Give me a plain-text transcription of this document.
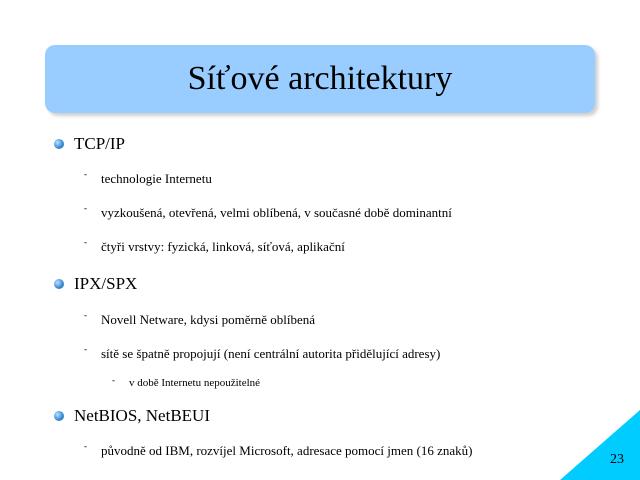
Síťové architektury
TCP/IP
- technologie Internetu
- vyzkoušená, otevřená, velmi oblíbená, v současné době dominantní
- čtyři vrstvy: fyzická, linková, síťová, aplikační
IPX/SPX
- Novell Netware, kdysi poměrně oblíbená
- sítě se špatně propojují (není centrální autorita přidělující adresy)
- v době Internetu nepoužitelné
NetBIOS, NetBEUI
- původně od IBM, rozvíjel Microsoft, adresace pomocí jmen (16 znaků)
23
